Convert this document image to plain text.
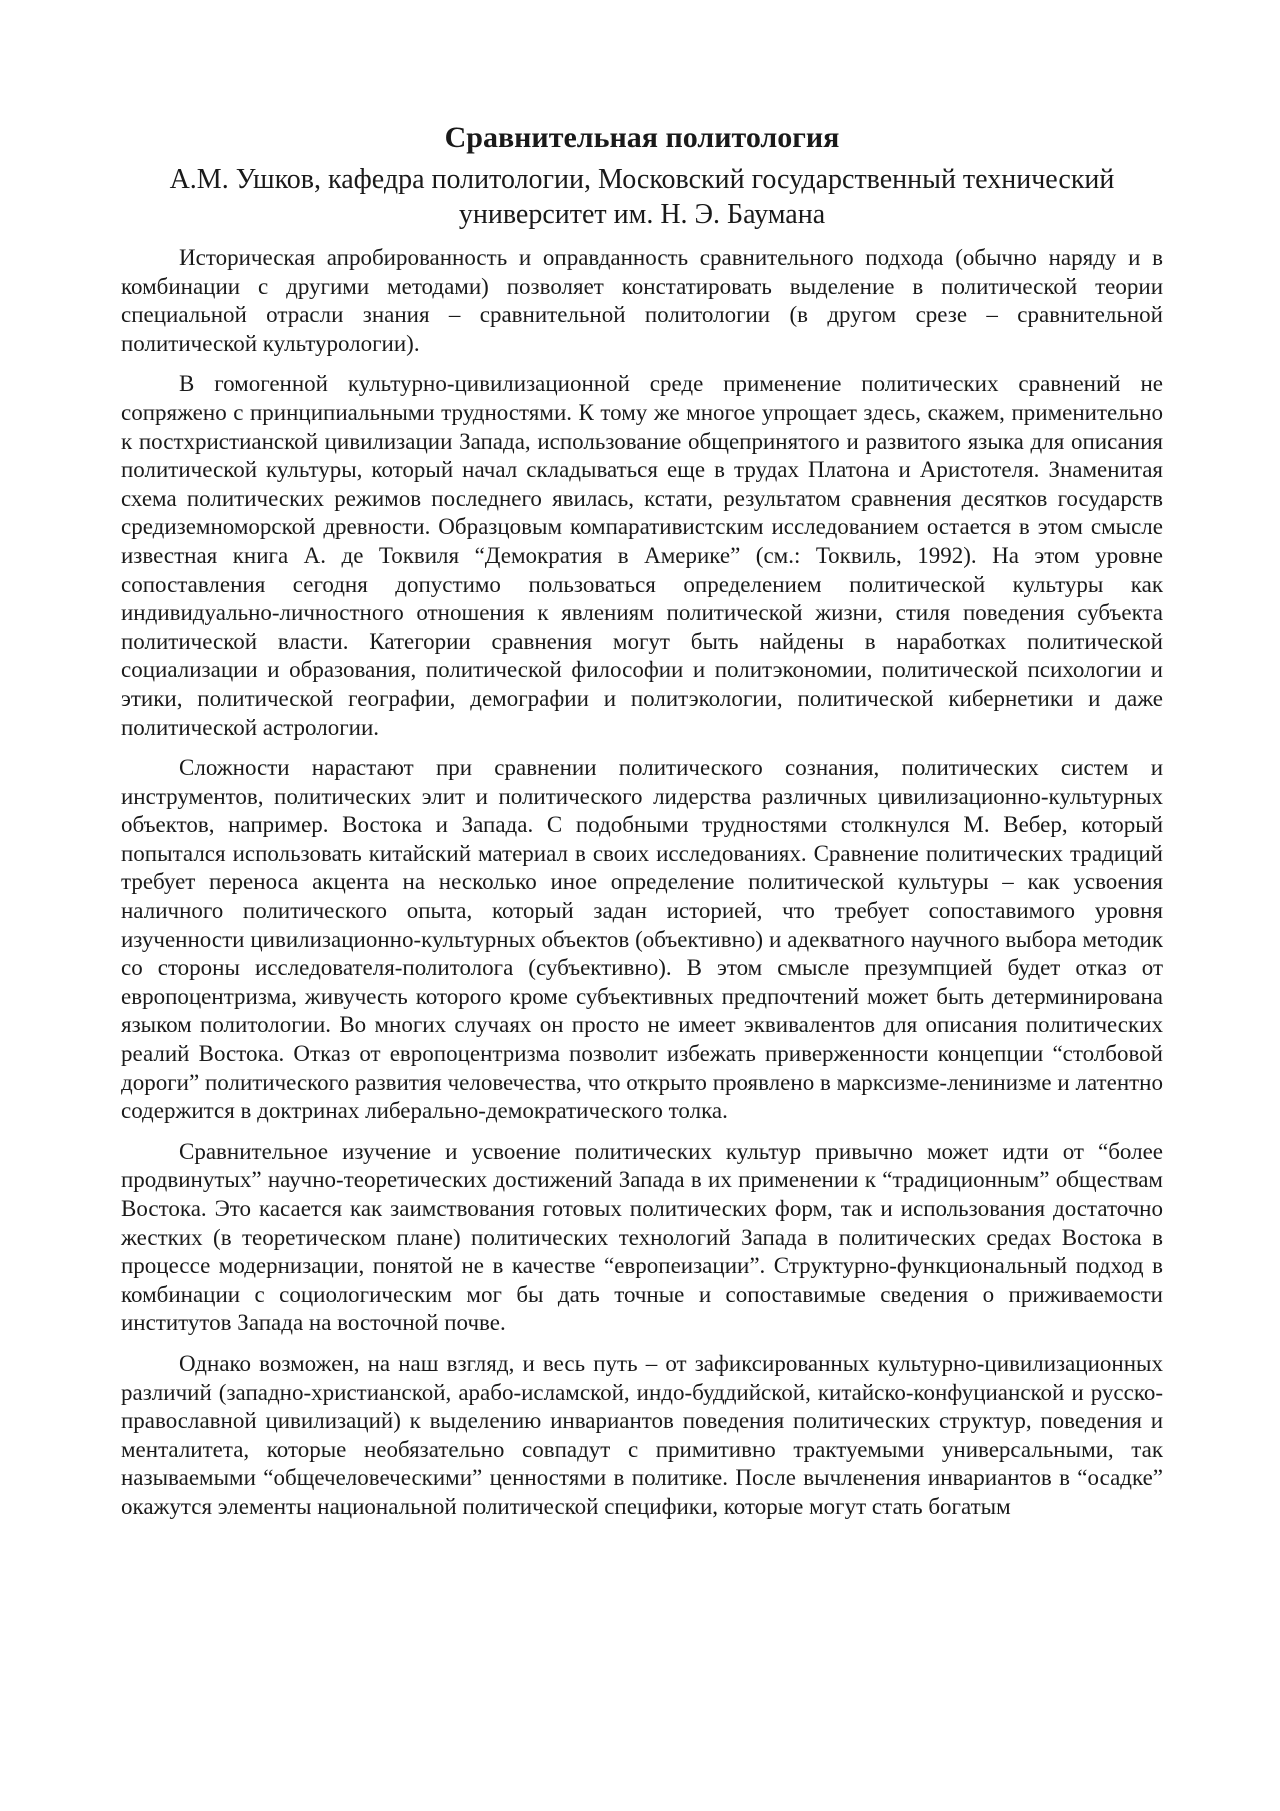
Сравнительная политология

А.М. Ушков, кафедра политологии, Московский государственный технический университет им. Н. Э. Баумана

Историческая апробированность и оправданность сравнительного подхода (обычно наряду и в комбинации с другими методами) позволяет констатировать выделение в политической теории специальной отрасли знания – сравнительной политологии (в другом срезе – сравнительной политической культурологии).

В гомогенной культурно-цивилизационной среде применение политических сравнений не сопряжено с принципиальными трудностями. К тому же многое упрощает здесь, скажем, применительно к постхристианской цивилизации Запада, использование общепринятого и развитого языка для описания политической культуры, который начал складываться еще в трудах Платона и Аристотеля. Знаменитая схема политических режимов последнего явилась, кстати, результатом сравнения десятков государств средиземноморской древности. Образцовым компаративистским исследованием остается в этом смысле известная книга А. де Токвиля “Демократия в Америке” (см.: Токвиль, 1992). На этом уровне сопоставления сегодня допустимо пользоваться определением политической культуры как индивидуально-личностного отношения к явлениям политической жизни, стиля поведения субъекта политической власти. Категории сравнения могут быть найдены в наработках политической социализации и образования, политической философии и политэкономии, политической психологии и этики, политической географии, демографии и политэкологии, политической кибернетики и даже политической астрологии.

Сложности нарастают при сравнении политического сознания, политических систем и инструментов, политических элит и политического лидерства различных цивилизационно-культурных объектов, например. Востока и Запада. С подобными трудностями столкнулся М. Вебер, который попытался использовать китайский материал в своих исследованиях. Сравнение политических традиций требует переноса акцента на несколько иное определение политической культуры – как усвоения наличного политического опыта, который задан историей, что требует сопоставимого уровня изученности цивилизационно-культурных объектов (объективно) и адекватного научного выбора методик со стороны исследователя-политолога (субъективно). В этом смысле презумпцией будет отказ от европоцентризма, живучесть которого кроме субъективных предпочтений может быть детерминирована языком политологии. Во многих случаях он просто не имеет эквивалентов для описания политических реалий Востока. Отказ от европоцентризма позволит избежать приверженности концепции “столбовой дороги” политического развития человечества, что открыто проявлено в марксизме-ленинизме и латентно содержится в доктринах либерально-демократического толка.

Сравнительное изучение и усвоение политических культур привычно может идти от “более продвинутых” научно-теоретических достижений Запада в их применении к “традиционным” обществам Востока. Это касается как заимствования готовых политических форм, так и использования достаточно жестких (в теоретическом плане) политических технологий Запада в политических средах Востока в процессе модернизации, понятой не в качестве “европеизации”. Структурно-функциональный подход в комбинации с социологическим мог бы дать точные и сопоставимые сведения о приживаемости институтов Запада на восточной почве.

Однако возможен, на наш взгляд, и весь путь – от зафиксированных культурно-цивилизационных различий (западно-христианской, арабо-исламской, индо-буддийской, китайско-конфуцианской и русско-православной цивилизаций) к выделению инвариантов поведения политических структур, поведения и менталитета, которые необязательно совпадут с примитивно трактуемыми универсальными, так называемыми “общечеловеческими” ценностями в политике. После вычленения инвариантов в “осадке” окажутся элементы национальной политической специфики, которые могут стать богатым
